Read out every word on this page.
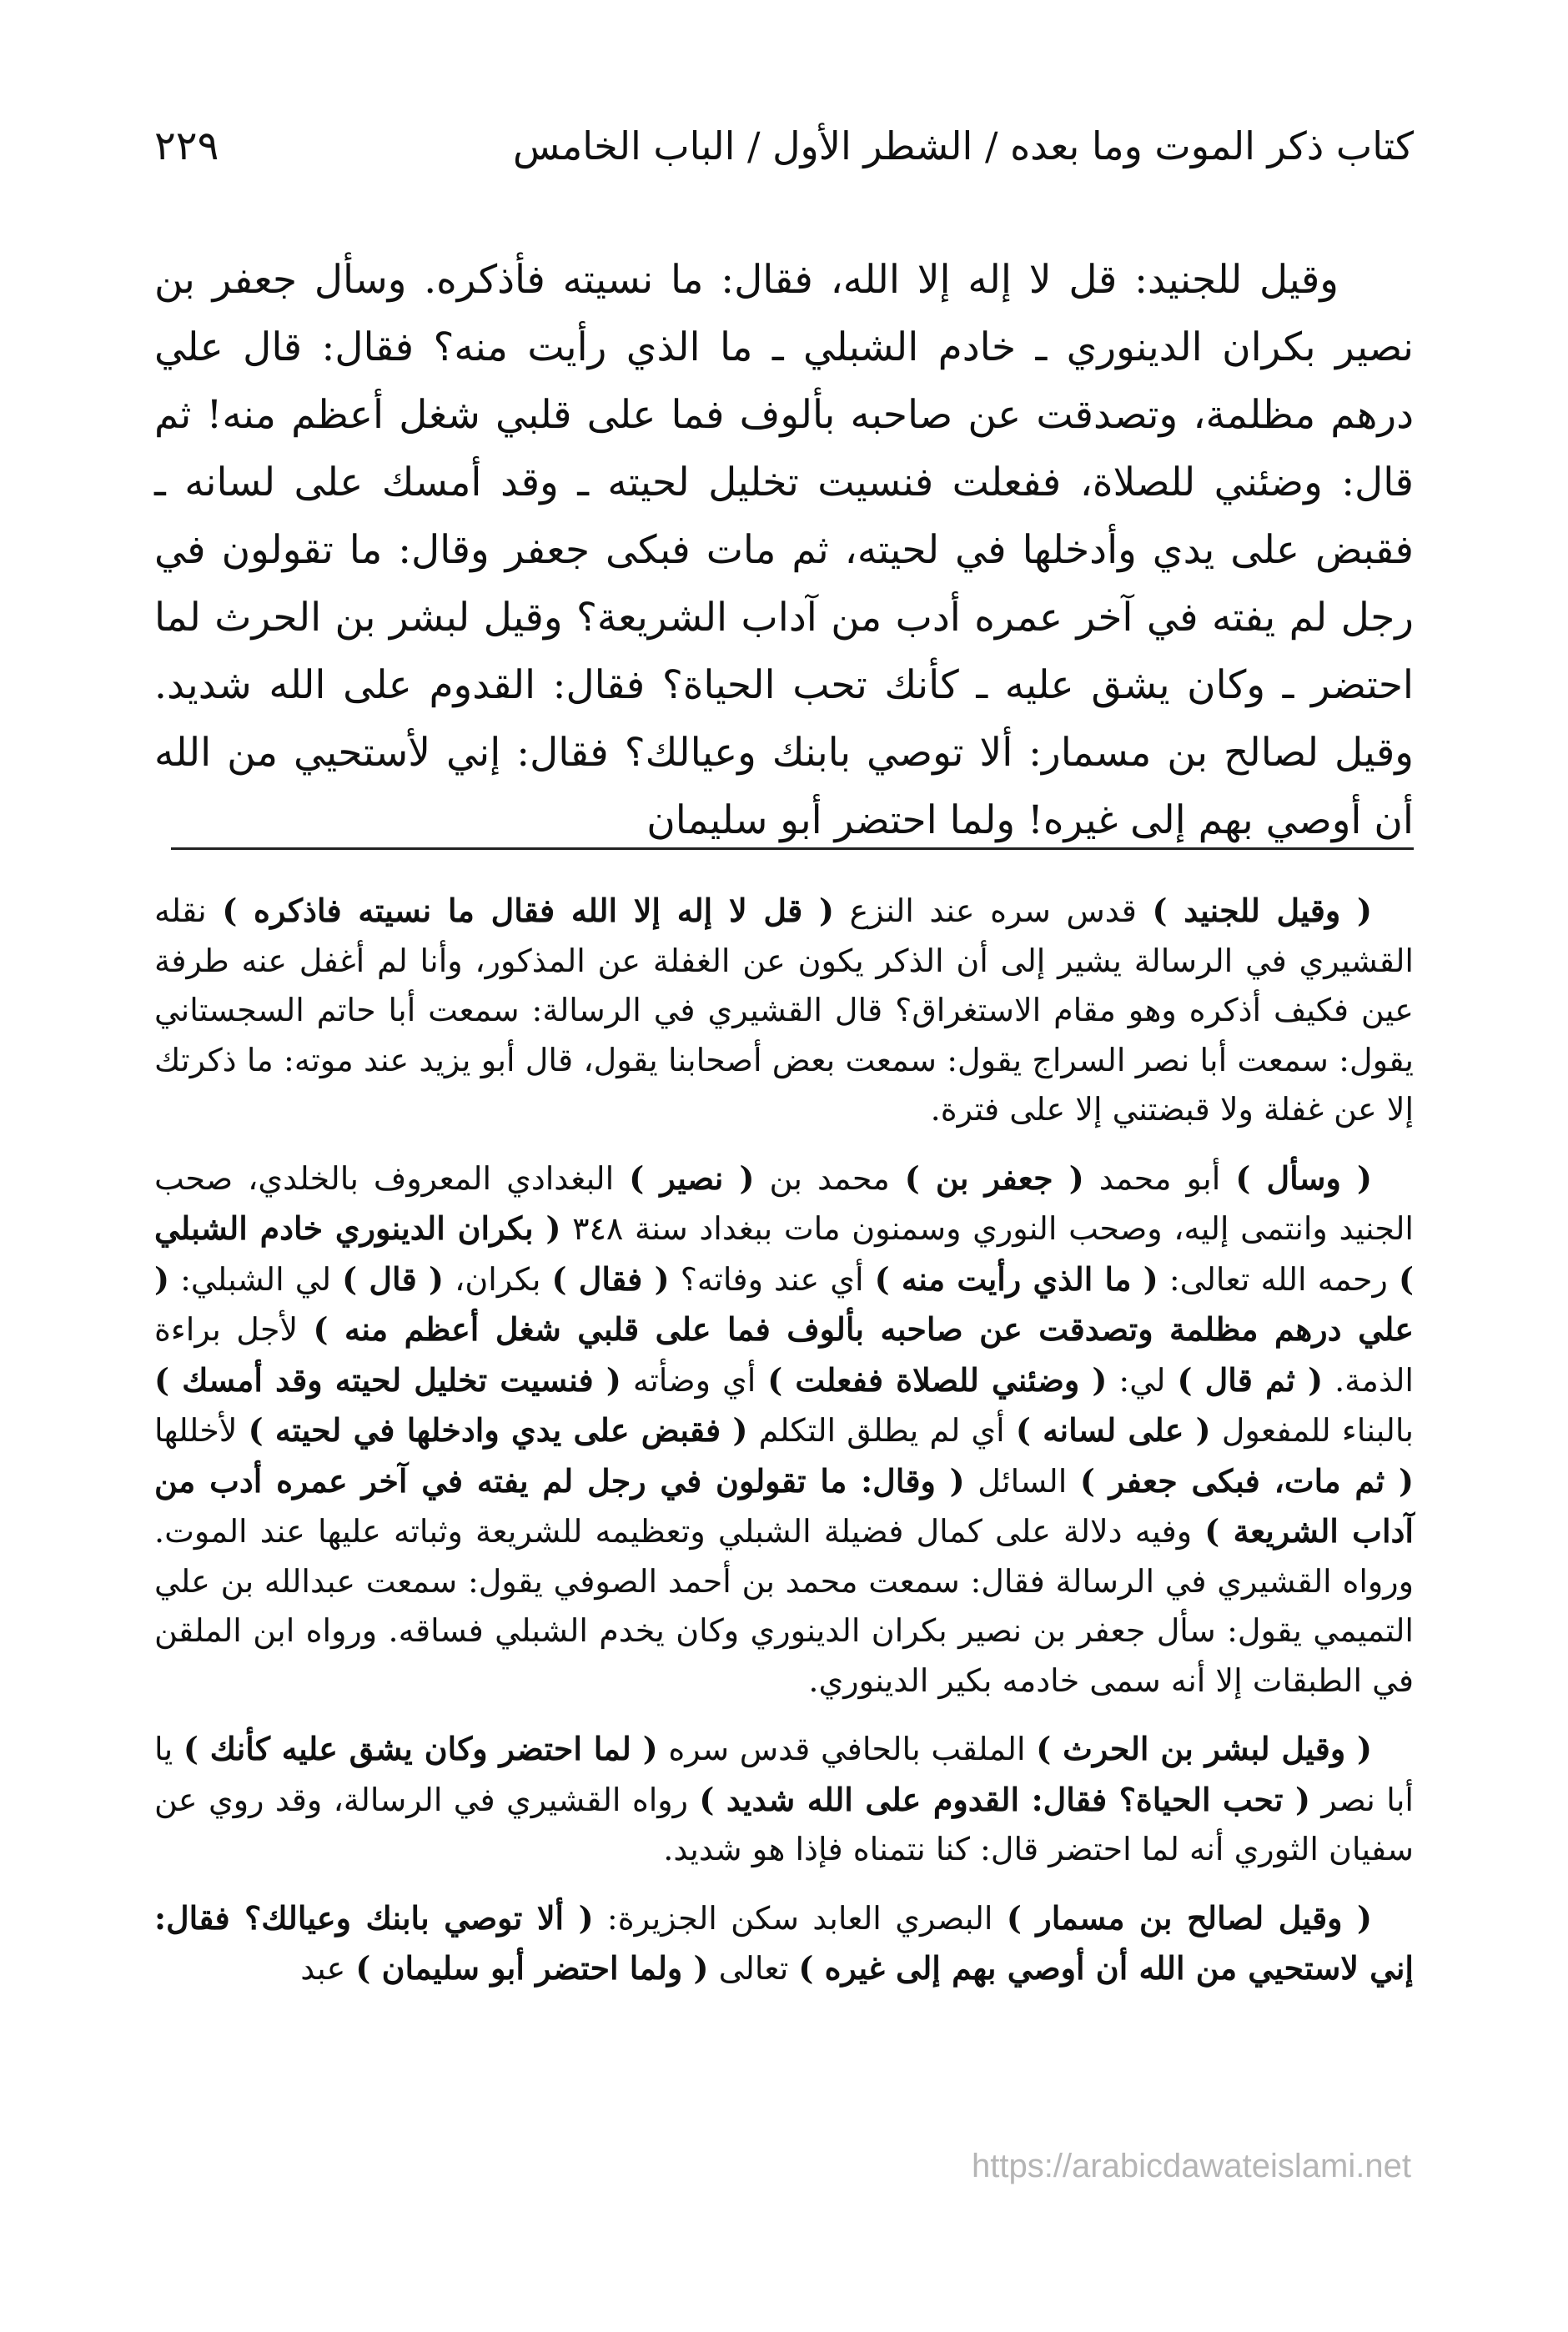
كتاب ذكر الموت وما بعده / الشطر الأول / الباب الخامس
٢٢٩

وقيل للجنيد: قل لا إله إلا الله، فقال: ما نسيته فأذكره. وسأل جعفر بن نصير بكران الدينوري ـ خادم الشبلي ـ ما الذي رأيت منه؟ فقال: قال علي درهم مظلمة، وتصدقت عن صاحبه بألوف فما على قلبي شغل أعظم منه! ثم قال: وضئني للصلاة، ففعلت فنسيت تخليل لحيته ـ وقد أمسك على لسانه ـ فقبض على يدي وأدخلها في لحيته، ثم مات فبكى جعفر وقال: ما تقولون في رجل لم يفته في آخر عمره أدب من آداب الشريعة؟ وقيل لبشر بن الحرث لما احتضر ـ وكان يشق عليه ـ كأنك تحب الحياة؟ فقال: القدوم على الله شديد. وقيل لصالح بن مسمار: ألا توصي بابنك وعيالك؟ فقال: إني لأستحيي من الله أن أوصي بهم إلى غيره! ولما احتضر أبو سليمان

( وقيل للجنيد ) قدس سره عند النزع ( قل لا إله إلا الله فقال ما نسيته فاذكره ) نقله القشيري في الرسالة يشير إلى أن الذكر يكون عن الغفلة عن المذكور، وأنا لم أغفل عنه طرفة عين فكيف أذكره وهو مقام الاستغراق؟ قال القشيري في الرسالة: سمعت أبا حاتم السجستاني يقول: سمعت أبا نصر السراج يقول: سمعت بعض أصحابنا يقول، قال أبو يزيد عند موته: ما ذكرتك إلا عن غفلة ولا قبضتني إلا على فترة.

( وسأل ) أبو محمد ( جعفر بن ) محمد بن ( نصير ) البغدادي المعروف بالخلدي، صحب الجنيد وانتمى إليه، وصحب النوري وسمنون مات ببغداد سنة ٣٤٨ ( بكران الدينوري خادم الشبلي ) رحمه الله تعالى: ( ما الذي رأيت منه ) أي عند وفاته؟ ( فقال ) بكران، ( قال ) لي الشبلي: ( علي درهم مظلمة وتصدقت عن صاحبه بألوف فما على قلبي شغل أعظم منه ) لأجل براءة الذمة. ( ثم قال ) لي: ( وضئني للصلاة ففعلت ) أي وضأته ( فنسيت تخليل لحيته وقد أمسك ) بالبناء للمفعول ( على لسانه ) أي لم يطلق التكلم ( فقبض على يدي وادخلها في لحيته ) لأخللها ( ثم مات، فبكى جعفر ) السائل ( وقال: ما تقولون في رجل لم يفته في آخر عمره أدب من آداب الشريعة ) وفيه دلالة على كمال فضيلة الشبلي وتعظيمه للشريعة وثباته عليها عند الموت. ورواه القشيري في الرسالة فقال: سمعت محمد بن أحمد الصوفي يقول: سمعت عبدالله بن علي التميمي يقول: سأل جعفر بن نصير بكران الدينوري وكان يخدم الشبلي فساقه. ورواه ابن الملقن في الطبقات إلا أنه سمى خادمه بكير الدينوري.

( وقيل لبشر بن الحرث ) الملقب بالحافي قدس سره ( لما احتضر وكان يشق عليه كأنك ) يا أبا نصر ( تحب الحياة؟ فقال: القدوم على الله شديد ) رواه القشيري في الرسالة، وقد روي عن سفيان الثوري أنه لما احتضر قال: كنا نتمناه فإذا هو شديد.

( وقيل لصالح بن مسمار ) البصري العابد سكن الجزيرة: ( ألا توصي بابنك وعيالك؟ فقال: إني لاستحيي من الله أن أوصي بهم إلى غيره ) تعالى ( ولما احتضر أبو سليمان ) عبد

https://arabicdawateislami.net
